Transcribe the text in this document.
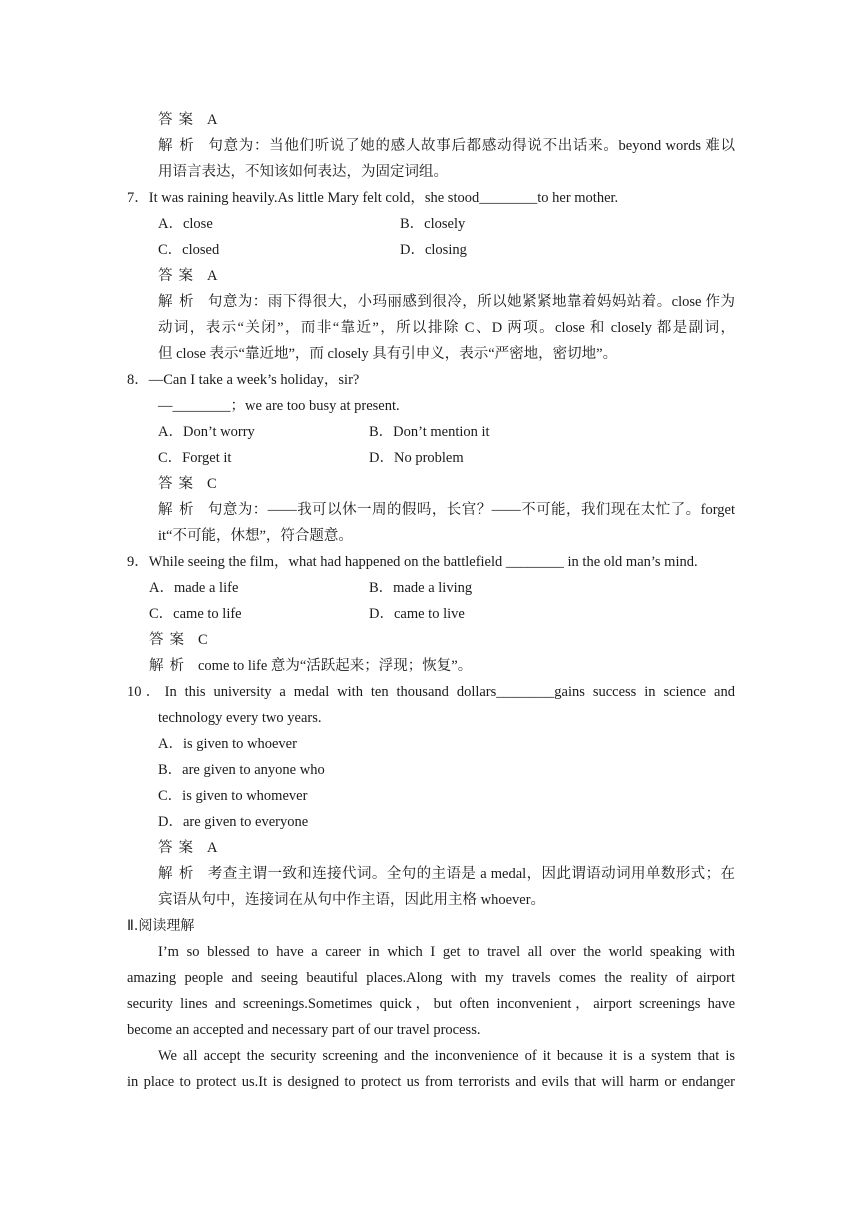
答案 A
解析 句意为：当他们听说了她的感人故事后都感动得说不出话来。beyond words 难以
用语言表达，不知该如何表达，为固定词组。
7．It was raining heavily.As little Mary felt cold，she stood________to her mother.
A．close	B．closely
C．closed	D．closing
答案 A
解析 句意为：雨下得很大，小玛丽感到很冷，所以她紧紧地靠着妈妈站着。close 作为
动词，表示“关闭”，而非“靠近”，所以排除 C、D 两项。close 和 closely 都是副词，
但 close 表示“靠近地”，而 closely 具有引申义，表示“严密地，密切地”。
8．—Can I take a week’s holiday，sir?
—________；we are too busy at present.
A．Don’t worry	B．Don’t mention it
C．Forget it	D．No problem
答案 C
解析 句意为：——我可以休一周的假吗，长官？——不可能，我们现在太忙了。forget
it“不可能，休想”，符合题意。
9．While seeing the film，what had happened on the battlefield ________ in the old man’s mind.
A．made a life	B．made a living
C．came to life	D．came to live
答案 C
解析 come to life 意为“活跃起来；浮现；恢复”。
10．In this university a medal with ten thousand dollars________gains success in science and
technology every two years.
A．is given to whoever
B．are given to anyone who
C．is given to whomever
D．are given to everyone
答案 A
解析 考查主谓一致和连接代词。全句的主语是 a medal，因此谓语动词用单数形式；在
宾语从句中，连接词在从句中作主语，因此用主格 whoever。
Ⅱ.阅读理解
I’m so blessed to have a career in which I get to travel all over the world speaking with
amazing people and seeing beautiful places.Along with my travels comes the reality of airport
security lines and screenings.Sometimes quick，but often inconvenient，airport screenings have
become an accepted and necessary part of our travel process.
We all accept the security screening and the inconvenience of it because it is a system that is
in place to protect us.It is designed to protect us from terrorists and evils that will harm or endanger
